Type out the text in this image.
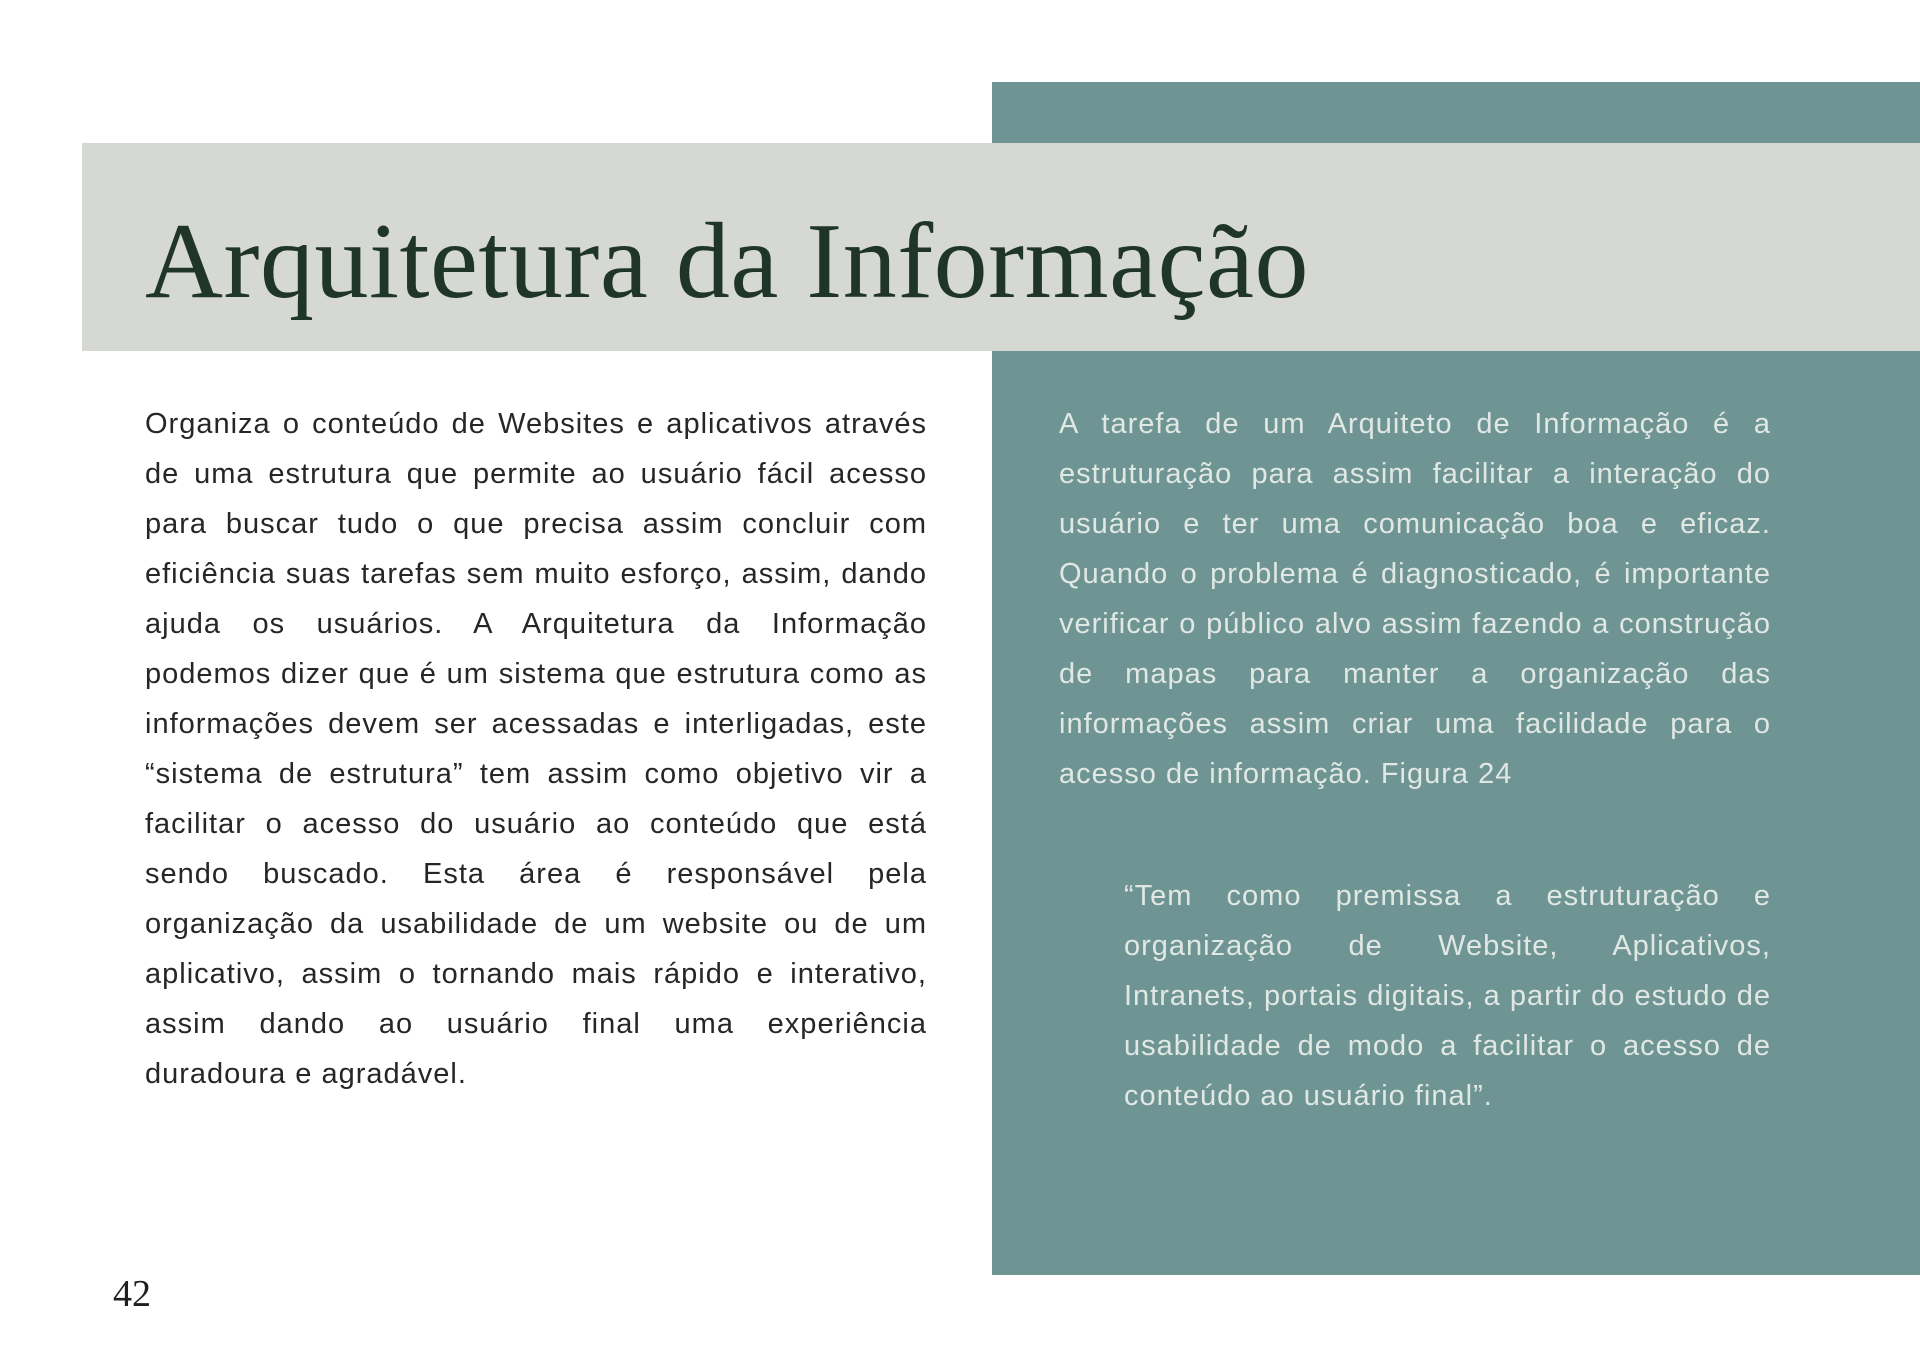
Arquitetura da Informação

Organiza o conteúdo de Websites e aplicativos através de uma estrutura que permite ao usuário fácil acesso para buscar tudo o que precisa assim concluir com eficiência suas tarefas sem muito esforço, assim, dando ajuda os usuários. A Arquitetura da Informação podemos dizer que é um sistema que estrutura como as informações devem ser acessadas e interligadas, este “sistema de estrutura” tem assim como objetivo vir a facilitar o acesso do usuário ao conteúdo que está sendo buscado. Esta área é responsável pela organização da usabilidade de um website ou de um aplicativo, assim o tornando mais rápido e interativo, assim dando ao usuário final uma experiência duradoura e agradável.

A tarefa de um Arquiteto de Informação é a estruturação para assim facilitar a interação do usuário e ter uma comunicação boa e eficaz. Quando o problema é diagnosticado, é importante verificar o público alvo assim fazendo a construção de mapas para manter a organização das informações assim criar uma facilidade para o acesso de informação. Figura 24

“Tem como premissa a estruturação e organização de Website, Aplicativos, Intranets, portais digitais, a partir do estudo de usabilidade de modo a facilitar o acesso de conteúdo ao usuário final”.

42
